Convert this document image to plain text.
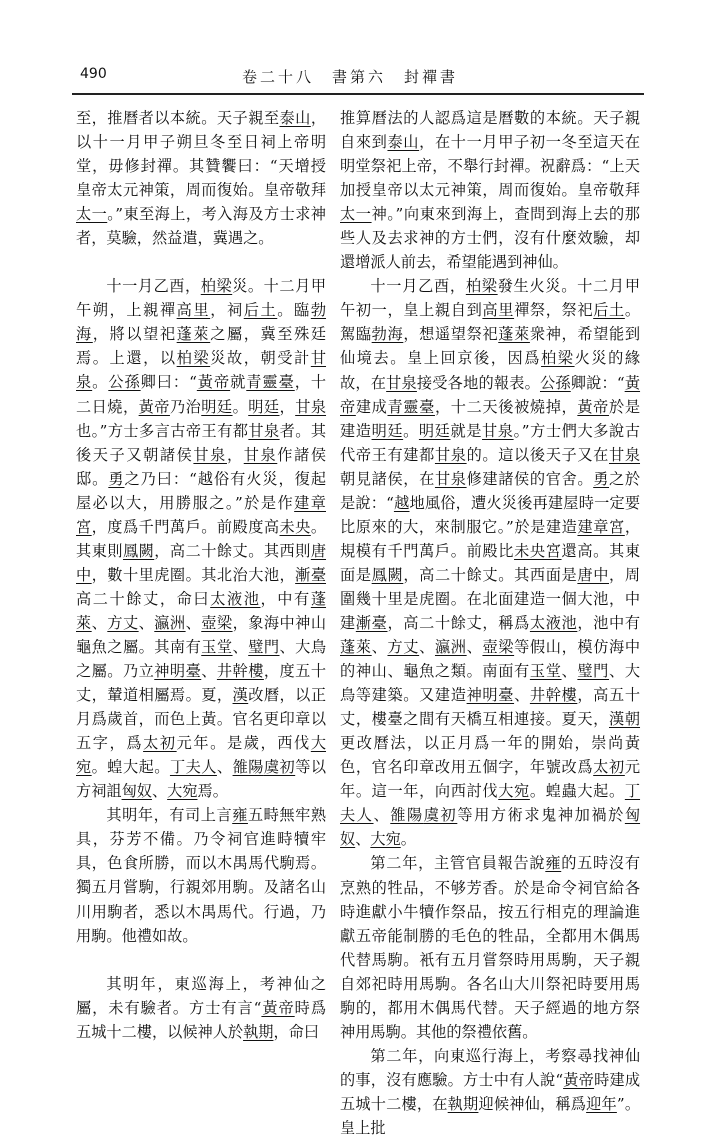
490	卷二十八　書第六　封禪書

至，推曆者以本統。天子親至泰山，以十一月甲子朔旦冬至日祠上帝明堂，毋修封禪。其贊饗曰：“天增授皇帝太元神策，周而復始。皇帝敬拜太一。”東至海上，考入海及方士求神者，莫驗，然益遣，冀遇之。

十一月乙酉，柏梁災。十二月甲午朔，上親禪高里，祠后土。臨勃海，將以望祀蓬萊之屬，冀至殊廷焉。上還，以柏梁災故，朝受計甘泉。公孫卿曰：“黃帝就青靈臺，十二日燒，黃帝乃治明廷。明廷，甘泉也。”方士多言古帝王有都甘泉者。其後天子又朝諸侯甘泉，甘泉作諸侯邸。勇之乃曰：“越俗有火災，復起屋必以大，用勝服之。”於是作建章宮，度爲千門萬戶。前殿度高未央。其東則鳳闕，高二十餘丈。其西則唐中，數十里虎圈。其北治大池，漸臺高二十餘丈，命曰太液池，中有蓬萊、方丈、瀛洲、壺梁，象海中神山龜魚之屬。其南有玉堂、璧門、大鳥之屬。乃立神明臺、井幹樓，度五十丈，輦道相屬焉。夏，漢改曆，以正月爲歲首，而色上黃。官名更印章以五字，爲太初元年。是歲，西伐大宛。蝗大起。丁夫人、雒陽虞初等以方祠詛匈奴、大宛焉。

其明年，有司上言雍五畤無牢熟具，芬芳不備。乃令祠官進畤犢牢具，色食所勝，而以木禺馬代駒焉。獨五月嘗駒，行親郊用駒。及諸名山川用駒者，悉以木禺馬代。行過，乃用駒。他禮如故。

其明年，東巡海上，考神仙之屬，未有驗者。方士有言“黃帝時爲五城十二樓，以候神人於執期，命曰

推算曆法的人認爲這是曆數的本統。天子親自來到泰山，在十一月甲子初一冬至這天在明堂祭祀上帝，不舉行封禪。祝辭爲：“上天加授皇帝以太元神策，周而復始。皇帝敬拜太一神。”向東來到海上，查問到海上去的那些人及去求神的方士們，沒有什麼效驗，却還增派人前去，希望能遇到神仙。

十一月乙酉，柏梁發生火災。十二月甲午初一，皇上親自到高里禪祭，祭祀后土。駕臨勃海，想遥望祭祀蓬萊衆神，希望能到仙境去。皇上回京後，因爲柏梁火災的緣故，在甘泉接受各地的報表。公孫卿說：“黃帝建成青靈臺，十二天後被燒掉，黃帝於是建造明廷。明廷就是甘泉。”方士們大多說古代帝王有建都甘泉的。這以後天子又在甘泉朝見諸侯，在甘泉修建諸侯的官舍。勇之於是說：“越地風俗，遭火災後再建屋時一定要比原來的大，來制服它。”於是建造建章宮，規模有千門萬戶。前殿比未央宮還高。其東面是鳳闕，高二十餘丈。其西面是唐中，周圍幾十里是虎圈。在北面建造一個大池，中建漸臺，高二十餘丈，稱爲太液池，池中有蓬萊、方丈、瀛洲、壺梁等假山，模仿海中的神山、龜魚之類。南面有玉堂、璧門、大鳥等建築。又建造神明臺、井幹樓，高五十丈，樓臺之間有天橋互相連接。夏天，漢朝更改曆法，以正月爲一年的開始，崇尚黃色，官名印章改用五個字，年號改爲太初元年。這一年，向西討伐大宛。蝗蟲大起。丁夫人、雒陽虞初等用方術求鬼神加禍於匈奴、大宛。

第二年，主管官員報告說雍的五時沒有烹熟的牲品，不够芳香。於是命令祠官給各時進獻小牛犢作祭品，按五行相克的理論進獻五帝能制勝的毛色的牲品，全都用木偶馬代替馬駒。衹有五月嘗祭時用馬駒，天子親自郊祀時用馬駒。各名山大川祭祀時要用馬駒的，都用木偶馬代替。天子經過的地方祭神用馬駒。其他的祭禮依舊。

第二年，向東巡行海上，考察尋找神仙的事，沒有應驗。方士中有人說“黃帝時建成五城十二樓，在執期迎候神仙，稱爲迎年”。皇上批
